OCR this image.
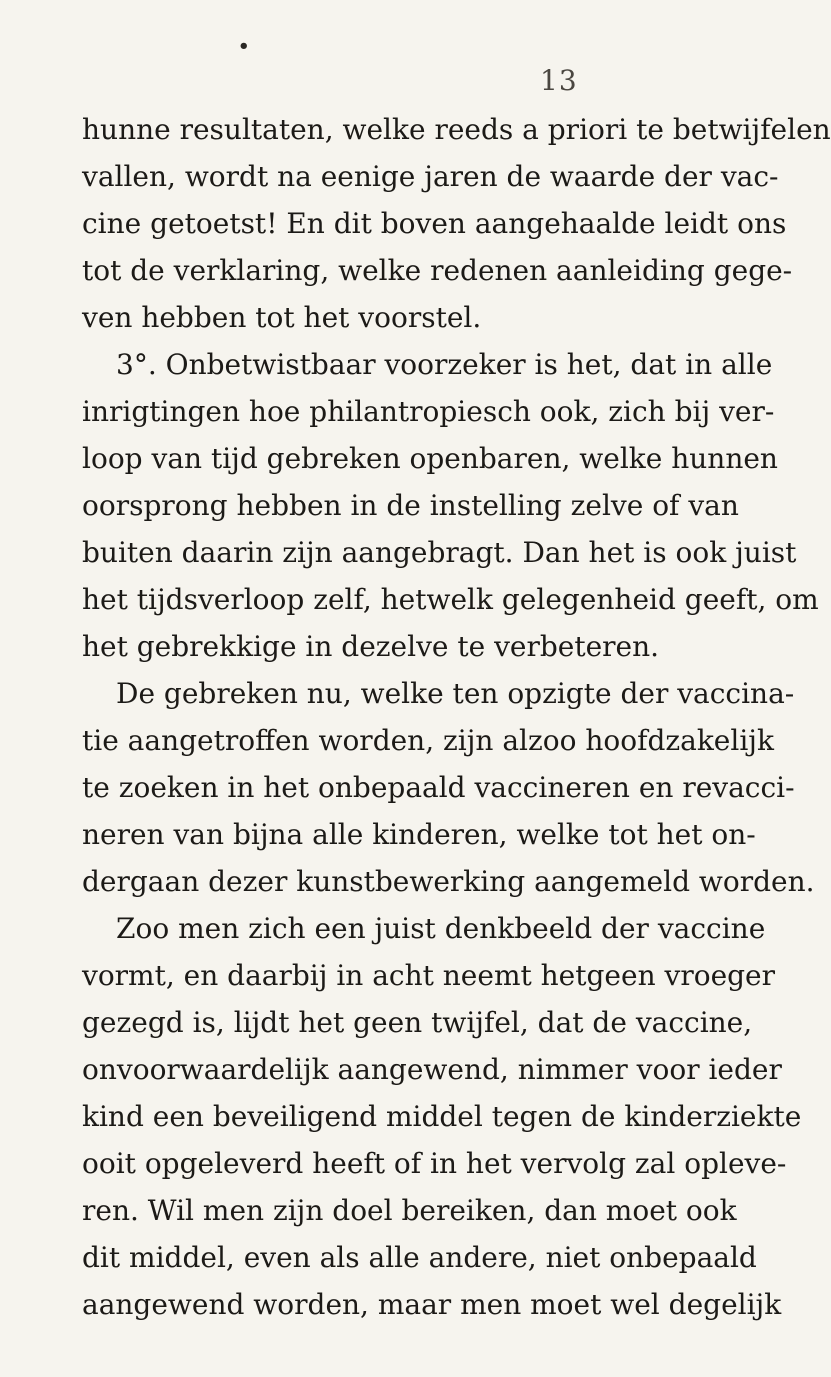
•
13
hunne resultaten, welke reeds a priori te betwijfelen
vallen, wordt na eenige jaren de waarde der vac-
cine getoetst! En dit boven aangehaalde leidt ons
tot de verklaring, welke redenen aanleiding gege-
ven hebben tot het voorstel.
3°. Onbetwistbaar voorzeker is het, dat in alle
inrigtingen hoe philantropiesch ook, zich bij ver-
loop van tijd gebreken openbaren, welke hunnen
oorsprong hebben in de instelling zelve of van
buiten daarin zijn aangebragt. Dan het is ook juist
het tijdsverloop zelf, hetwelk gelegenheid geeft, om
het gebrekkige in dezelve te verbeteren.
De gebreken nu, welke ten opzigte der vaccina-
tie aangetroffen worden, zijn alzoo hoofdzakelijk
te zoeken in het onbepaald vaccineren en revacci-
neren van bijna alle kinderen, welke tot het on-
dergaan dezer kunstbewerking aangemeld worden.
Zoo men zich een juist denkbeeld der vaccine
vormt, en daarbij in acht neemt hetgeen vroeger
gezegd is, lijdt het geen twijfel, dat de vaccine,
onvoorwaardelijk aangewend, nimmer voor ieder
kind een beveiligend middel tegen de kinderziekte
ooit opgeleverd heeft of in het vervolg zal opleve-
ren. Wil men zijn doel bereiken, dan moet ook
dit middel, even als alle andere, niet onbepaald
aangewend worden, maar men moet wel degelijk
